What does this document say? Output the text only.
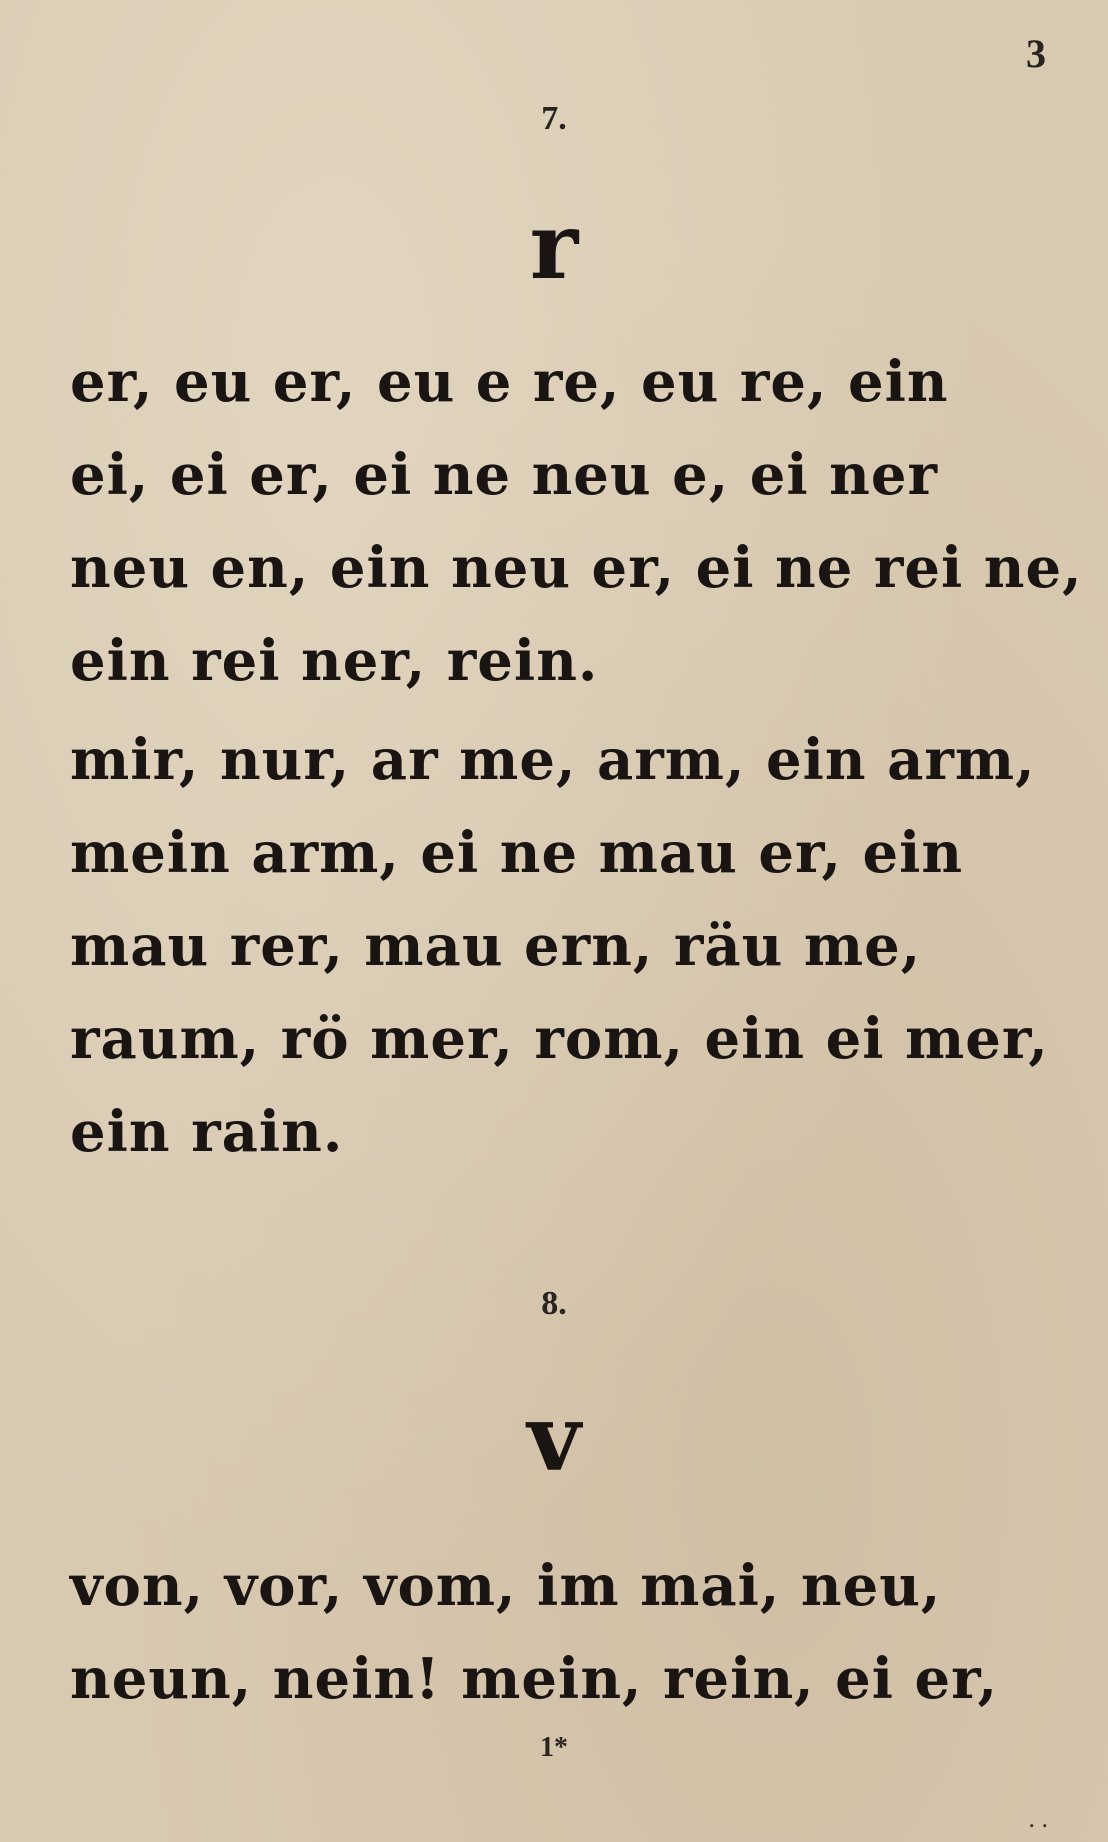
3
7.
r
er, eu er, eu e re, eu re, ein
ei, ei er, ei ne neu e, ei ner
neu en, ein neu er, ei ne rei ne,
ein rei ner, rein.
mir, nur, ar me, arm, ein arm,
mein arm, ei ne mau er, ein
mau rer, mau ern, räu me,
raum, rö mer, rom, ein ei mer,
ein rain.
8.
v
von, vor, vom, im mai, neu,
neun, nein! mein, rein, ei er,
1*
. .
